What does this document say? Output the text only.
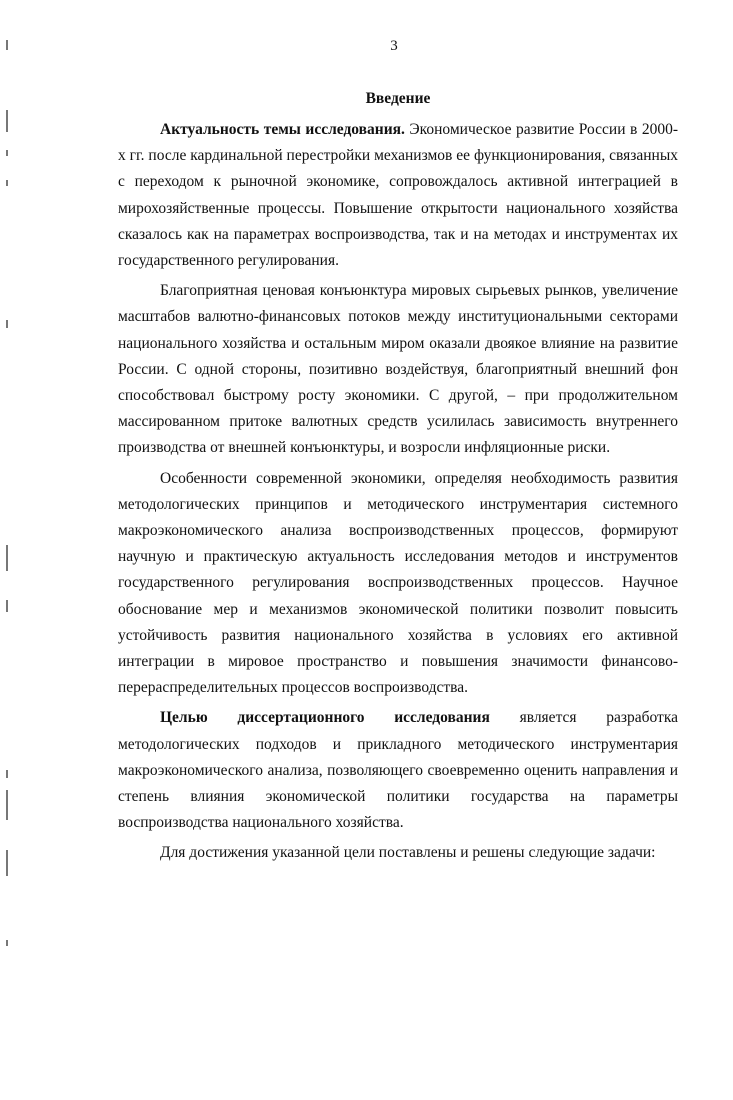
3
Введение

Актуальность темы исследования. Экономическое развитие России в 2000-х гг. после кардинальной перестройки механизмов ее функционирования, связанных с переходом к рыночной экономике, сопровождалось активной интеграцией в мирохозяйственные процессы. Повышение открытости национального хозяйства сказалось как на параметрах воспроизводства, так и на методах и инструментах их государственного регулирования.

Благоприятная ценовая конъюнктура мировых сырьевых рынков, увеличение масштабов валютно-финансовых потоков между институциональными секторами национального хозяйства и остальным миром оказали двоякое влияние на развитие России. С одной стороны, позитивно воздействуя, благоприятный внешний фон способствовал быстрому росту экономики. С другой, – при продолжительном массированном притоке валютных средств усилилась зависимость внутреннего производства от внешней конъюнктуры, и возросли инфляционные риски.

Особенности современной экономики, определяя необходимость развития методологических принципов и методического инструментария системного макроэкономического анализа воспроизводственных процессов, формируют научную и практическую актуальность исследования методов и инструментов государственного регулирования воспроизводственных процессов. Научное обоснование мер и механизмов экономической политики позволит повысить устойчивость развития национального хозяйства в условиях его активной интеграции в мировое пространство и повышения значимости финансово-перераспределительных процессов воспроизводства.

Целью диссертационного исследования является разработка методологических подходов и прикладного методического инструментария макроэкономического анализа, позволяющего своевременно оценить направления и степень влияния экономической политики государства на параметры воспроизводства национального хозяйства.

Для достижения указанной цели поставлены и решены следующие задачи:
